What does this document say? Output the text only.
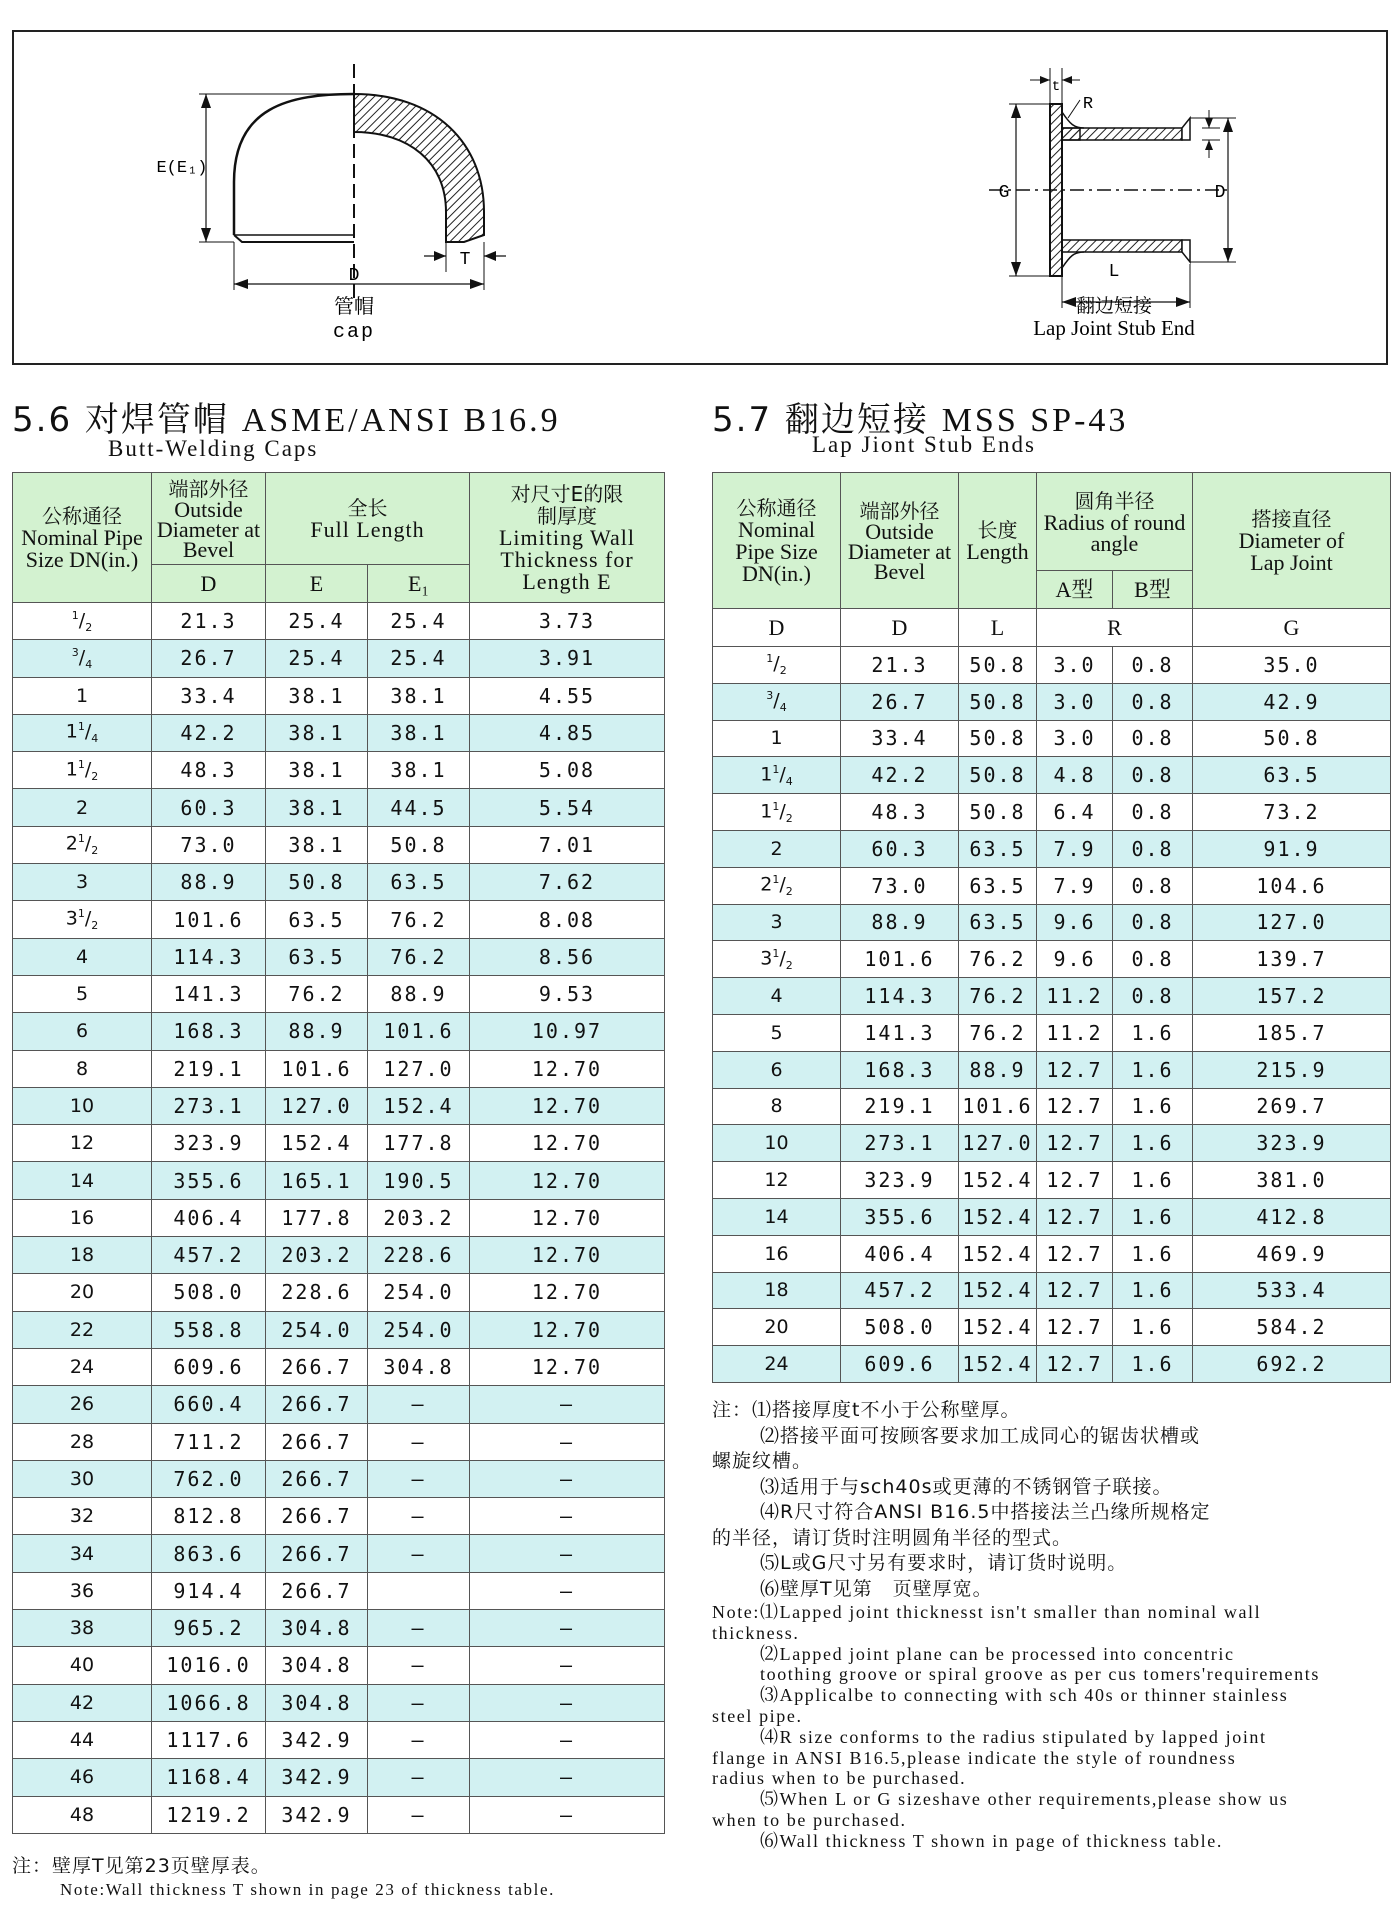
E(E₁)
D
T
管帽
cap
t
R
G	D
L
翻边短接
Lap Joint Stub End
5.6 对焊管帽 ASME/ANSI B16.9
Butt-Welding Caps
5.7 翻边短接 MSS SP-43
Lap Jiont Stub Ends
公称通径
Nominal Pipe Size DN(in.)	端部外径
Outside Diameter at Bevel	全长
Full Length		对尺寸E的限制厚度
Limiting Wall Thickness for Length E

	D	E	E₁	
$^1/_2$	21.3	25.4	25.4	3.73
$^3/_4$	26.7	25.4	25.4	3.91
1	33.4	38.1	38.1	4.55
$1^1/_4$	42.2	38.1	38.1	4.85
$1^1/_2$	48.3	38.1	38.1	5.08
2	60.3	38.1	44.5	5.54
$2^1/_2$	73.0	38.1	50.8	7.01
3	88.9	50.8	63.5	7.62
$3^1/_2$	101.6	63.5	76.2	8.08
4	114.3	63.5	76.2	8.56
5	141.3	76.2	88.9	9.53
6	168.3	88.9	101.6	10.97
8	219.1	101.6	127.0	12.70
10	273.1	127.0	152.4	12.70
12	323.9	152.4	177.8	12.70
14	355.6	165.1	190.5	12.70
16	406.4	177.8	203.2	12.70
18	457.2	203.2	228.6	12.70
20	508.0	228.6	254.0	12.70
22	558.8	254.0	254.0	12.70
24	609.6	266.7	304.8	12.70
26	660.4	266.7	–	–
28	711.2	266.7	–	–
30	762.0	266.7	–	–
32	812.8	266.7	–	–
34	863.6	266.7	–	–
36	914.4	266.7		–
38	965.2	304.8	–	–
40	1016.0	304.8	–	–
42	1066.8	304.8	–	–
44	1117.6	342.9	–	–
46	1168.4	342.9	–	–
48	1219.2	342.9	–	–
公称通径
Nominal Pipe Size DN(in.)	端部外径
Outside Diameter at Bevel	长度
Length	圆角半径
Radius of round angle		搭接直径
Diameter of Lap Joint

			A型	B型	
D	D	L	R		G
$^1/_2$	21.3	50.8	3.0	0.8	35.0
$^3/_4$	26.7	50.8	3.0	0.8	42.9
1	33.4	50.8	3.0	0.8	50.8
$1^1/_4$	42.2	50.8	4.8	0.8	63.5
$1^1/_2$	48.3	50.8	6.4	0.8	73.2
2	60.3	63.5	7.9	0.8	91.9
$2^1/_2$	73.0	63.5	7.9	0.8	104.6
3	88.9	63.5	9.6	0.8	127.0
$3^1/_2$	101.6	76.2	9.6	0.8	139.7
4	114.3	76.2	11.2	0.8	157.2
5	141.3	76.2	11.2	1.6	185.7
6	168.3	88.9	12.7	1.6	215.9
8	219.1	101.6	12.7	1.6	269.7
10	273.1	127.0	12.7	1.6	323.9
12	323.9	152.4	12.7	1.6	381.0
14	355.6	152.4	12.7	1.6	412.8
16	406.4	152.4	12.7	1.6	469.9
18	457.2	152.4	12.7	1.6	533.4
20	508.0	152.4	12.7	1.6	584.2
24	609.6	152.4	12.7	1.6	692.2
注：⑴搭接厚度t不小于公称壁厚。
⑵搭接平面可按顾客要求加工成同心的锯齿状槽或
螺旋纹槽。
⑶适用于与sch40s或更薄的不锈钢管子联接。
⑷R尺寸符合ANSI B16.5中搭接法兰凸缘所规格定
的半径，请订货时注明圆角半径的型式。
⑸L或G尺寸另有要求时，请订货时说明。
⑹壁厚T见第　页壁厚宽。
Note:⑴Lapped joint thicknesst isn't smaller than nominal wall
thickness.
⑵Lapped joint plane can be processed into concentric
toothing groove or spiral groove as per cus tomers'requirements
⑶Applicalbe to connecting with sch 40s or thinner stainless
steel pipe.
⑷R size conforms to the radius stipulated by lapped joint
flange in ANSI B16.5,please indicate the style of roundness
radius when to be purchased.
⑸When L or G sizeshave other requirements,please show us
when to be purchased.
⑹Wall thickness T shown in page of thickness table.
注：壁厚T见第23页壁厚表。
Note:Wall thickness T shown in page 23 of thickness table.
